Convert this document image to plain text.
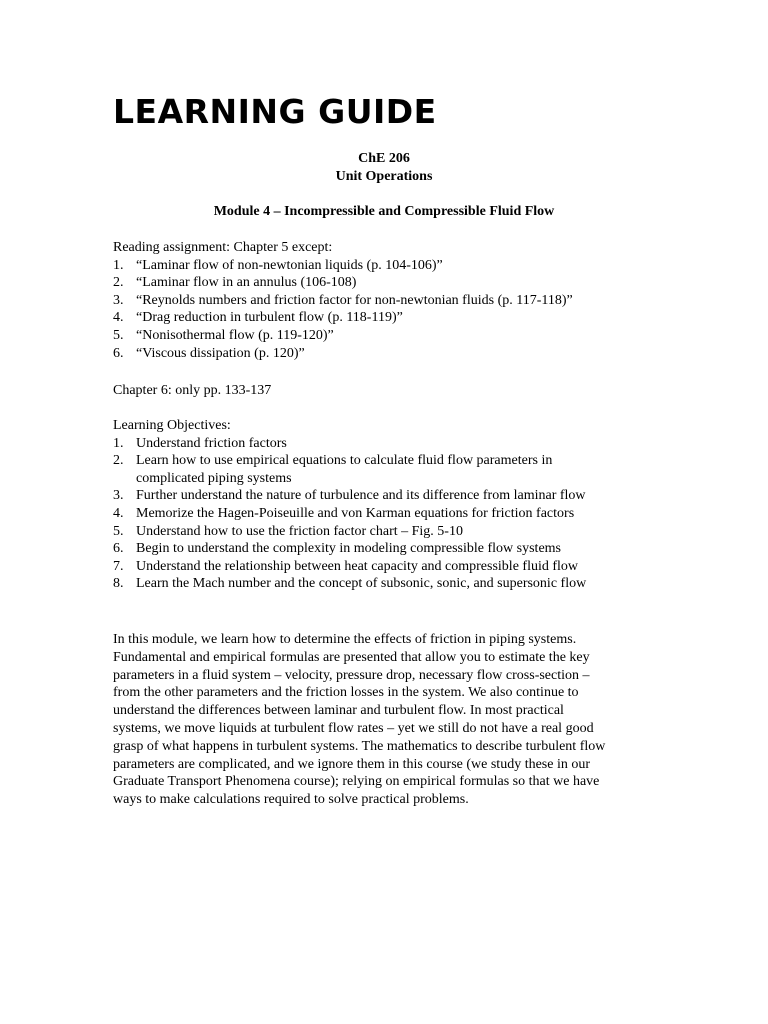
LEARNING GUIDE
ChE 206
Unit Operations
Module 4 – Incompressible and Compressible Fluid Flow
Reading assignment: Chapter 5 except:
1. “Laminar flow of non-newtonian liquids (p. 104-106)”
2. “Laminar flow in an annulus (106-108)
3. “Reynolds numbers and friction factor for non-newtonian fluids (p. 117-118)”
4. “Drag reduction in turbulent flow (p. 118-119)”
5. “Nonisothermal flow (p. 119-120)”
6. “Viscous dissipation (p. 120)”
Chapter 6: only pp. 133-137
Learning Objectives:
1. Understand friction factors
2. Learn how to use empirical equations to calculate fluid flow parameters in
complicated piping systems
3. Further understand the nature of turbulence and its difference from laminar flow
4. Memorize the Hagen-Poiseuille and von Karman equations for friction factors
5. Understand how to use the friction factor chart – Fig. 5-10
6. Begin to understand the complexity in modeling compressible flow systems
7. Understand the relationship between heat capacity and compressible fluid flow
8. Learn the Mach number and the concept of subsonic, sonic, and supersonic flow

In this module, we learn how to determine the effects of friction in piping systems.
Fundamental and empirical formulas are presented that allow you to estimate the key
parameters in a fluid system – velocity, pressure drop, necessary flow cross-section –
from the other parameters and the friction losses in the system. We also continue to
understand the differences between laminar and turbulent flow. In most practical
systems, we move liquids at turbulent flow rates – yet we still do not have a real good
grasp of what happens in turbulent systems. The mathematics to describe turbulent flow
parameters are complicated, and we ignore them in this course (we study these in our
Graduate Transport Phenomena course); relying on empirical formulas so that we have
ways to make calculations required to solve practical problems.
